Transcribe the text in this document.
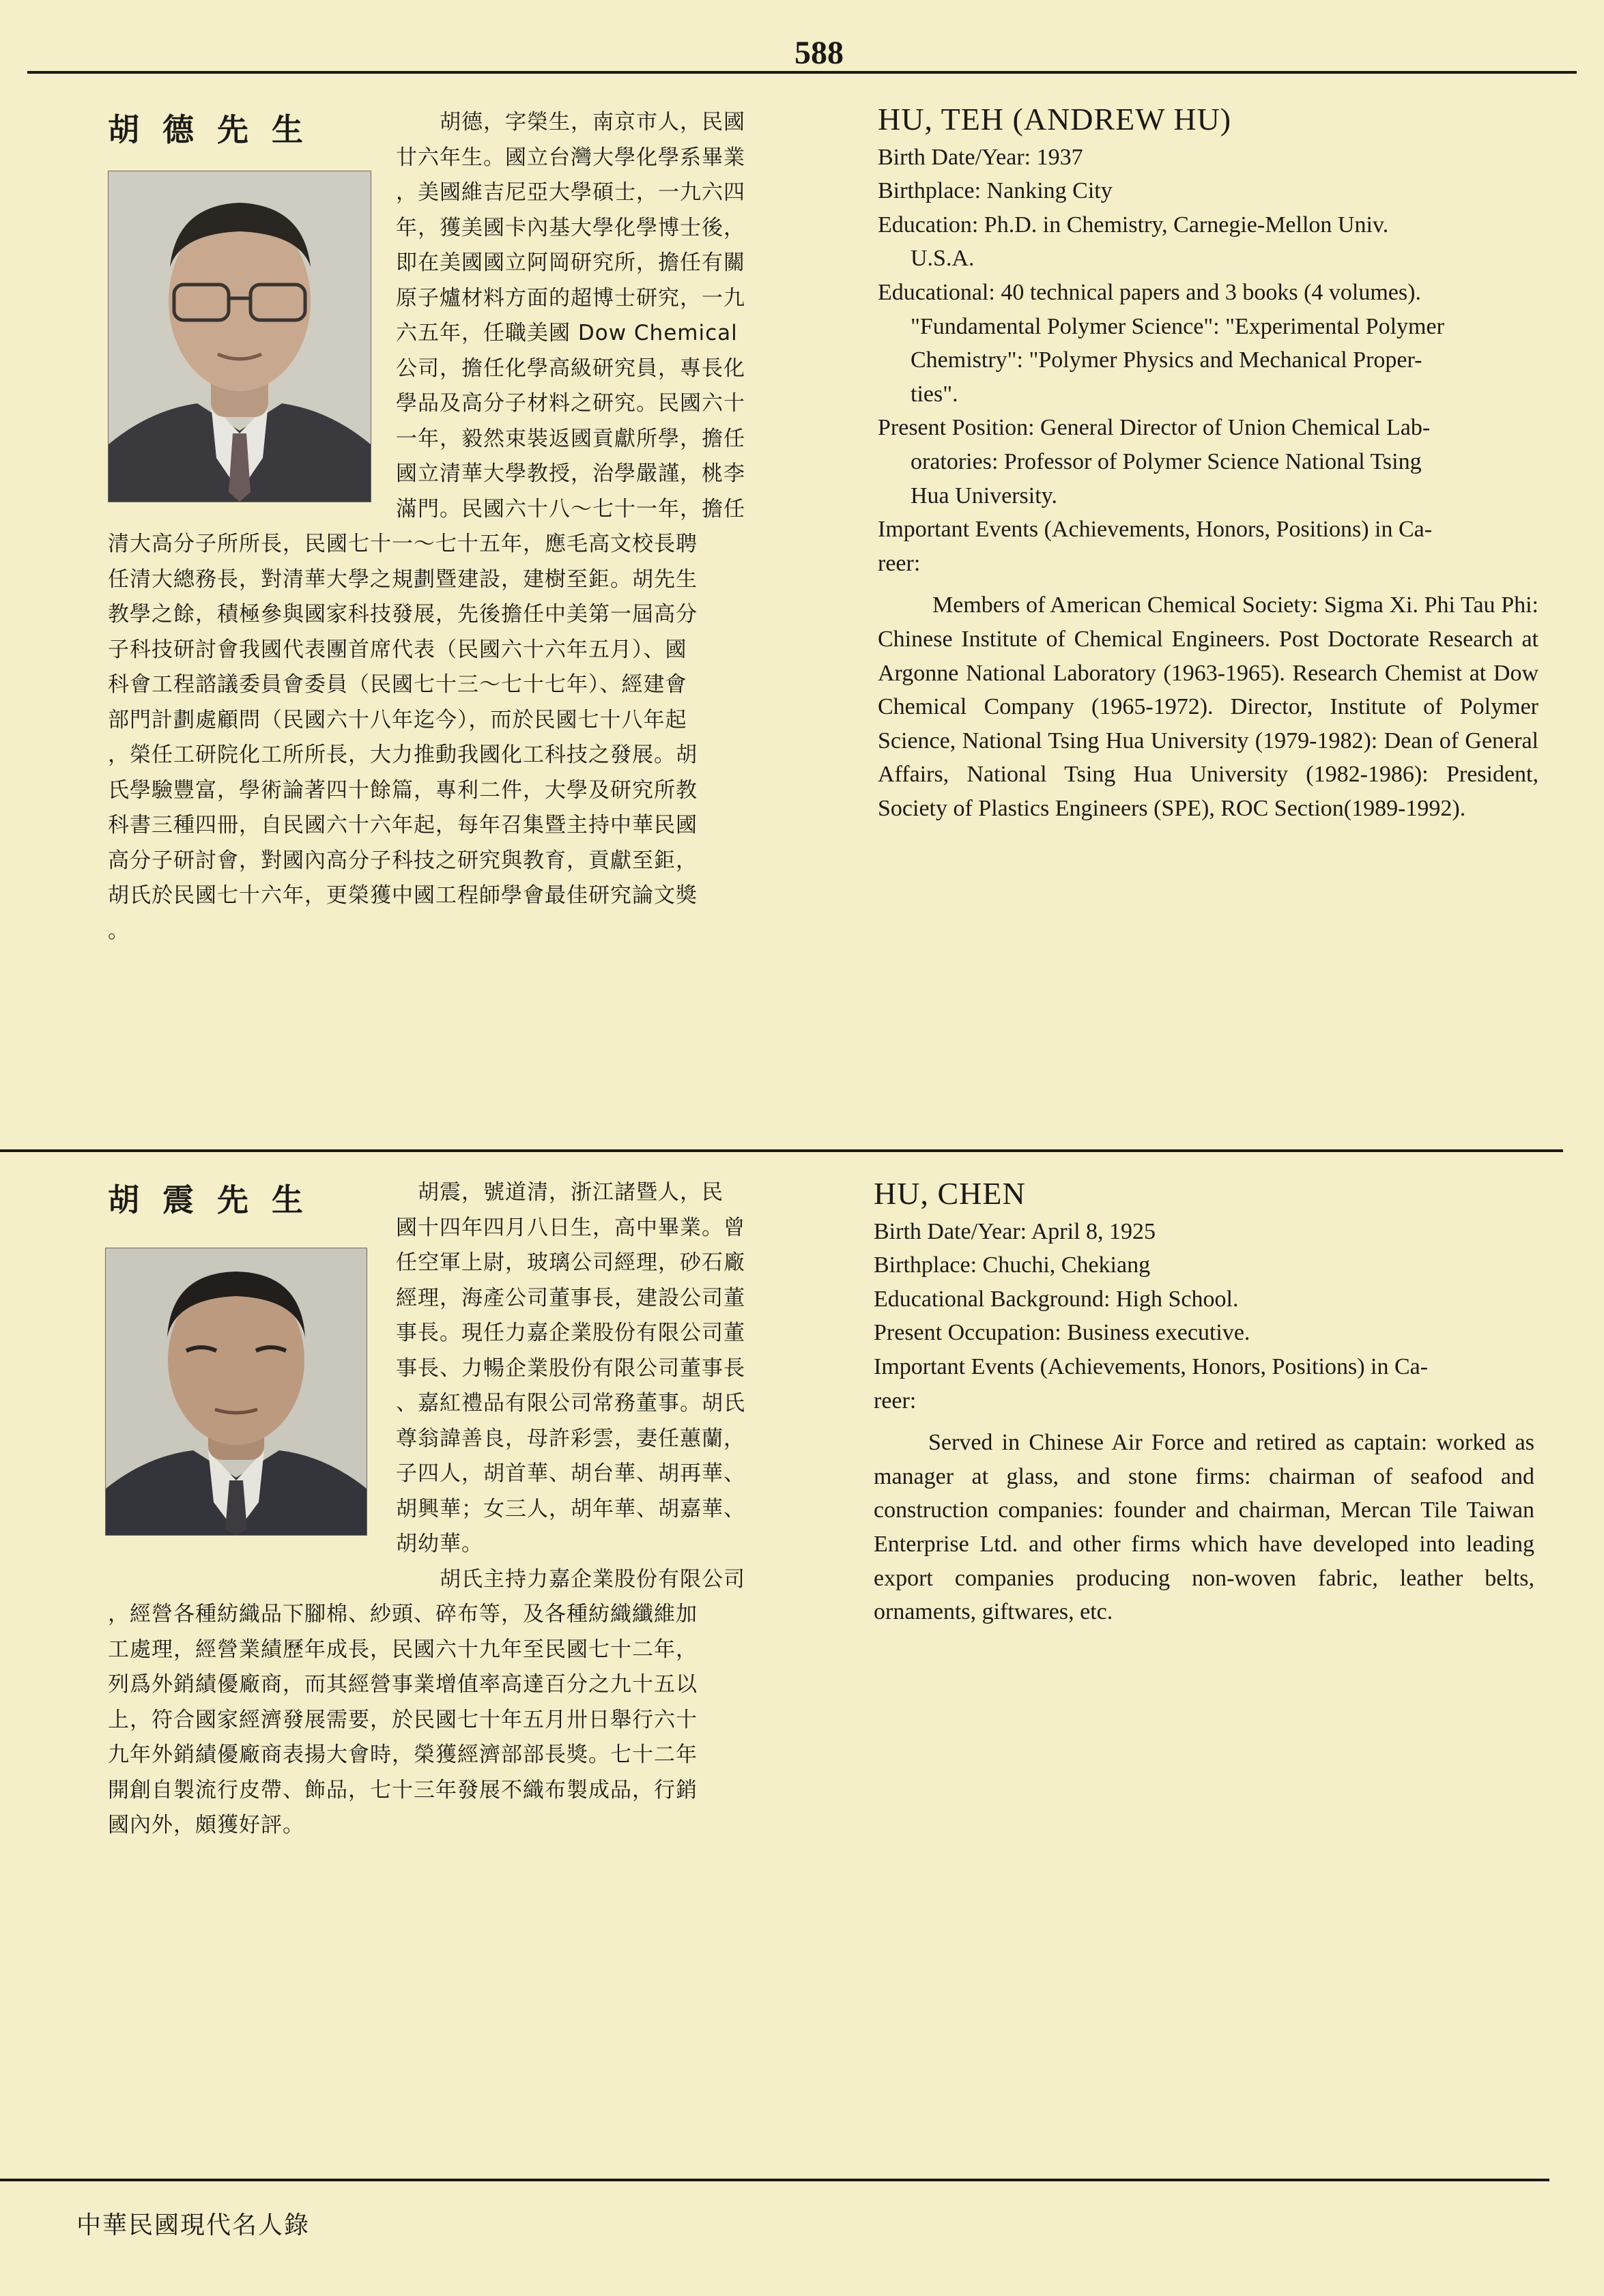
588
胡德先生	胡德，字榮生，南京市人，民國

廿六年生。國立台灣大學化學系畢業

，美國維吉尼亞大學碩士，一九六四

年，獲美國卡內基大學化學博士後，

即在美國國立阿岡研究所，擔任有關

原子爐材料方面的超博士研究，一九

六五年，任職美國 Dow Chemical

公司，擔任化學高級研究員，專長化

學品及高分子材料之研究。民國六十

一年，毅然束裝返國貢獻所學，擔任

國立清華大學教授，治學嚴謹，桃李

滿門。民國六十八～七十一年，擔任

清大高分子所所長，民國七十一～七十五年，應毛高文校長聘

任清大總務長，對清華大學之規劃暨建設，建樹至鉅。胡先生

教學之餘，積極參與國家科技發展，先後擔任中美第一屆高分

子科技研討會我國代表團首席代表（民國六十六年五月）、國

科會工程諮議委員會委員（民國七十三～七十七年）、經建會

部門計劃處顧問（民國六十八年迄今），而於民國七十八年起

，榮任工研院化工所所長，大力推動我國化工科技之發展。胡

氏學驗豐富，學術論著四十餘篇，專利二件，大學及研究所教

科書三種四冊，自民國六十六年起，每年召集暨主持中華民國

高分子研討會，對國內高分子科技之研究與教育，貢獻至鉅，

胡氏於民國七十六年，更榮獲中國工程師學會最佳研究論文獎

。

HU, TEH (ANDREW HU)
Birth Date/Year: 1937
Birthplace: Nanking City
Education: Ph.D. in Chemistry, Carnegie-Mellon Univ.
U.S.A.
Educational: 40 technical papers and 3 books (4 volumes).
"Fundamental Polymer Science": "Experimental Polymer
Chemistry": "Polymer Physics and Mechanical Proper-
ties".
Present Position: General Director of Union Chemical Lab-
oratories: Professor of Polymer Science National Tsing
Hua University.
Important Events (Achievements, Honors, Positions) in Ca-
reer:
Members of American Chemical Society: Sigma Xi. Phi Tau Phi: Chinese Institute of Chemical Engineers. Post Doctorate Research at Argonne National Laboratory (1963-1965). Research Chemist at Dow Chemical Company (1965-1972). Director, Institute of Polymer Science, National Tsing Hua University (1979-1982): Dean of General Affairs, National Tsing Hua University (1982-1986): President, Society of Plastics Engineers (SPE), ROC Section(1989-1992).
胡震先生	胡震，號道清，浙江諸暨人，民

國十四年四月八日生，高中畢業。曾

任空軍上尉，玻璃公司經理，砂石廠

經理，海產公司董事長，建設公司董

事長。現任力嘉企業股份有限公司董

事長、力暢企業股份有限公司董事長

、嘉紅禮品有限公司常務董事。胡氏

尊翁諱善良，母許彩雲，妻任蕙蘭，

子四人，胡首華、胡台華、胡再華、

胡興華；女三人，胡年華、胡嘉華、

胡幼華。

胡氏主持力嘉企業股份有限公司

，經營各種紡織品下腳棉、紗頭、碎布等，及各種紡織纖維加

工處理，經營業績歷年成長，民國六十九年至民國七十二年，

列爲外銷績優廠商，而其經營事業增值率高達百分之九十五以

上，符合國家經濟發展需要，於民國七十年五月卅日舉行六十

九年外銷績優廠商表揚大會時，榮獲經濟部部長獎。七十二年

開創自製流行皮帶、飾品，七十三年發展不織布製成品，行銷

國內外，頗獲好評。

HU, CHEN
Birth Date/Year: April 8, 1925
Birthplace: Chuchi, Chekiang
Educational Background: High School.
Present Occupation: Business executive.
Important Events (Achievements, Honors, Positions) in Ca-
reer:
Served in Chinese Air Force and retired as captain: worked as manager at glass, and stone firms: chairman of seafood and construction companies: founder and chairman, Mercan Tile Taiwan Enterprise Ltd. and other firms which have developed into leading export companies producing non-woven fabric, leather belts, ornaments, giftwares, etc.
中華民國現代名人錄
